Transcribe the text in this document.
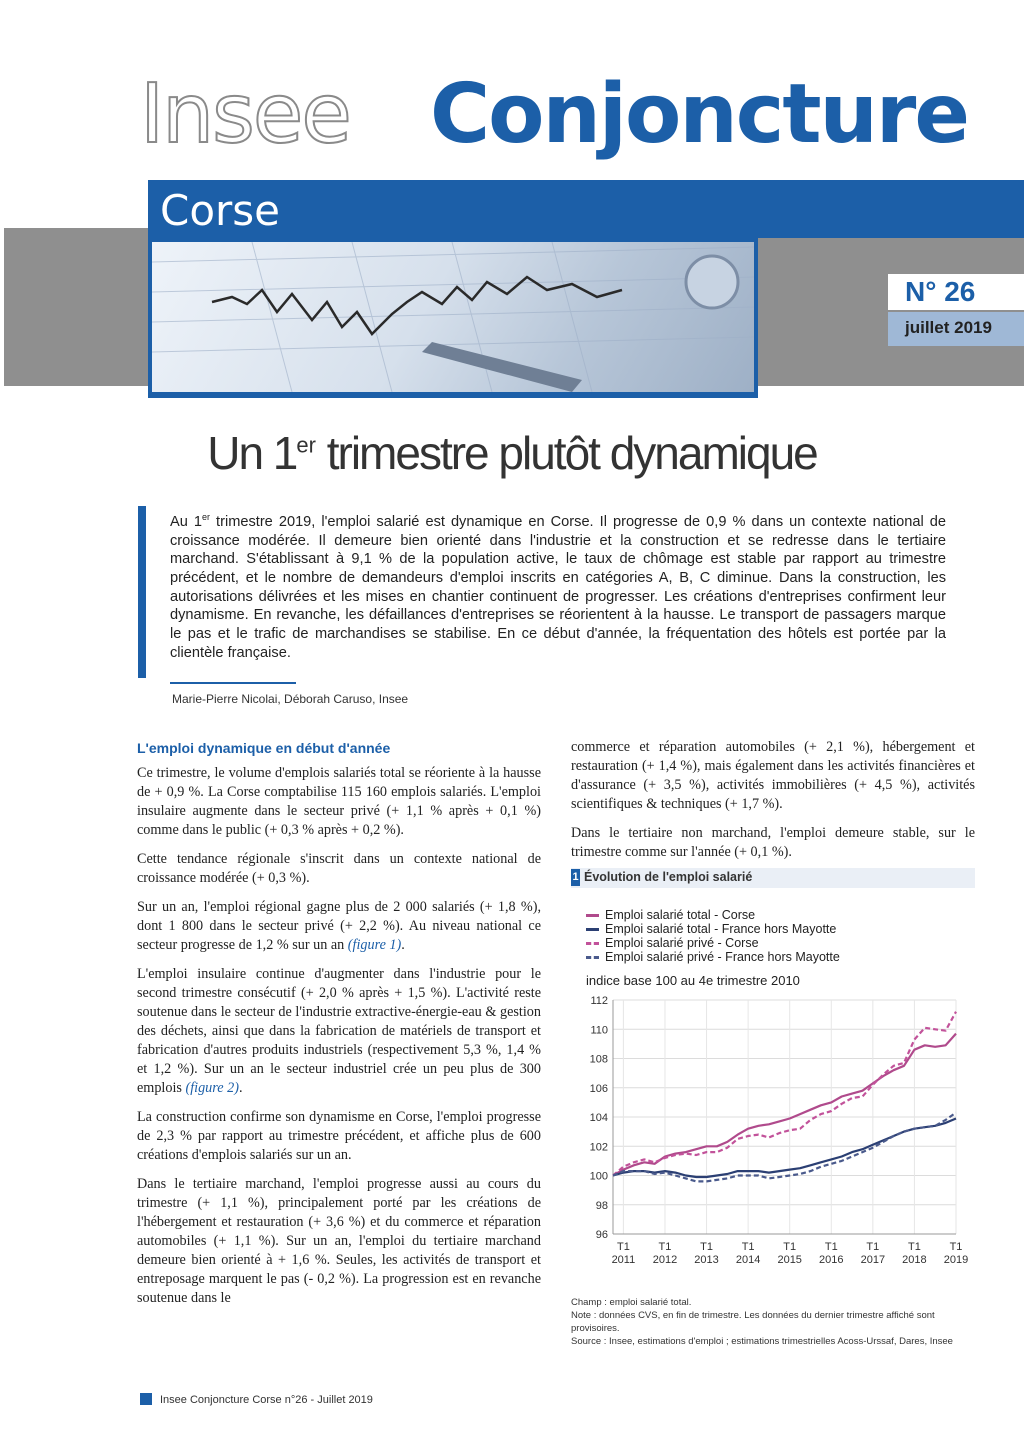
Insee Conjoncture
Corse
N° 26
juillet 2019
Un 1er trimestre plutôt dynamique
Au 1er trimestre 2019, l'emploi salarié est dynamique en Corse. Il progresse de 0,9 % dans un contexte national de croissance modérée. Il demeure bien orienté dans l'industrie et la construction et se redresse dans le tertiaire marchand. S'établissant à 9,1 % de la population active, le taux de chômage est stable par rapport au trimestre précédent, et le nombre de demandeurs d'emploi inscrits en catégories A, B, C diminue. Dans la construction, les autorisations délivrées et les mises en chantier continuent de progresser. Les créations d'entreprises confirment leur dynamisme. En revanche, les défaillances d'entreprises se réorientent à la hausse. Le transport de passagers marque le pas et le trafic de marchandises se stabilise. En ce début d'année, la fréquentation des hôtels est portée par la clientèle française.
Marie-Pierre Nicolai, Déborah Caruso, Insee
L'emploi dynamique en début d'année

Ce trimestre, le volume d'emplois salariés total se réoriente à la hausse de + 0,9 %. La Corse comptabilise 115 160 emplois salariés. L'emploi insulaire augmente dans le secteur privé (+ 1,1 % après + 0,1 %) comme dans le public (+ 0,3 % après + 0,2 %).

Cette tendance régionale s'inscrit dans un contexte national de croissance modérée (+ 0,3 %).

Sur un an, l'emploi régional gagne plus de 2 000 salariés (+ 1,8 %), dont 1 800 dans le secteur privé (+ 2,2 %). Au niveau national ce secteur progresse de 1,2 % sur un an (figure 1).

L'emploi insulaire continue d'augmenter dans l'industrie pour le second trimestre consécutif (+ 2,0 % après + 1,5 %). L'activité reste soutenue dans le secteur de l'industrie extractive-énergie-eau & gestion des déchets, ainsi que dans la fabrication de matériels de transport et fabrication d'autres produits industriels (respectivement 5,3 %, 1,4 % et 1,2 %). Sur un an le secteur industriel crée un peu plus de 300 emplois (figure 2).

La construction confirme son dynamisme en Corse, l'emploi progresse de 2,3 % par rapport au trimestre précédent, et affiche plus de 600 créations d'emplois salariés sur un an.

Dans le tertiaire marchand, l'emploi progresse aussi au cours du trimestre (+ 1,1 %), principalement porté par les créations de l'hébergement et restauration (+ 3,6 %) et du commerce et réparation automobiles (+ 1,1 %). Sur un an, l'emploi du tertiaire marchand demeure bien orienté à + 1,6 %. Seules, les activités de transport et entreposage marquent le pas (- 0,2 %). La progression est en revanche soutenue dans le

commerce et réparation automobiles (+ 2,1 %), hébergement et restauration (+ 1,4 %), mais également dans les activités financières et d'assurance (+ 3,5 %), activités immobilières (+ 4,5 %), activités scientifiques & techniques (+ 1,7 %).

Dans le tertiaire non marchand, l'emploi demeure stable, sur le trimestre comme sur l'année (+ 0,1 %).

1 Évolution de l'emploi salarié
Emploi salarié total - Corse
Emploi salarié total - France hors Mayotte
Emploi salarié privé - Corse
Emploi salarié privé - France hors Mayotte
indice base 100 au 4e trimestre 2010
96
98
100
102
104
106
108
110
112
T1
2011
T1
2012
T1
2013
T1
2014
T1
2015
T1
2016
T1
2017
T1
2018
T1
2019
Champ : emploi salarié total.
Note : données CVS, en fin de trimestre. Les données du dernier trimestre affiché sont provisoires.
Source : Insee, estimations d'emploi ; estimations trimestrielles Acoss-Urssaf, Dares, Insee
Insee Conjoncture Corse n°26 - Juillet 2019
